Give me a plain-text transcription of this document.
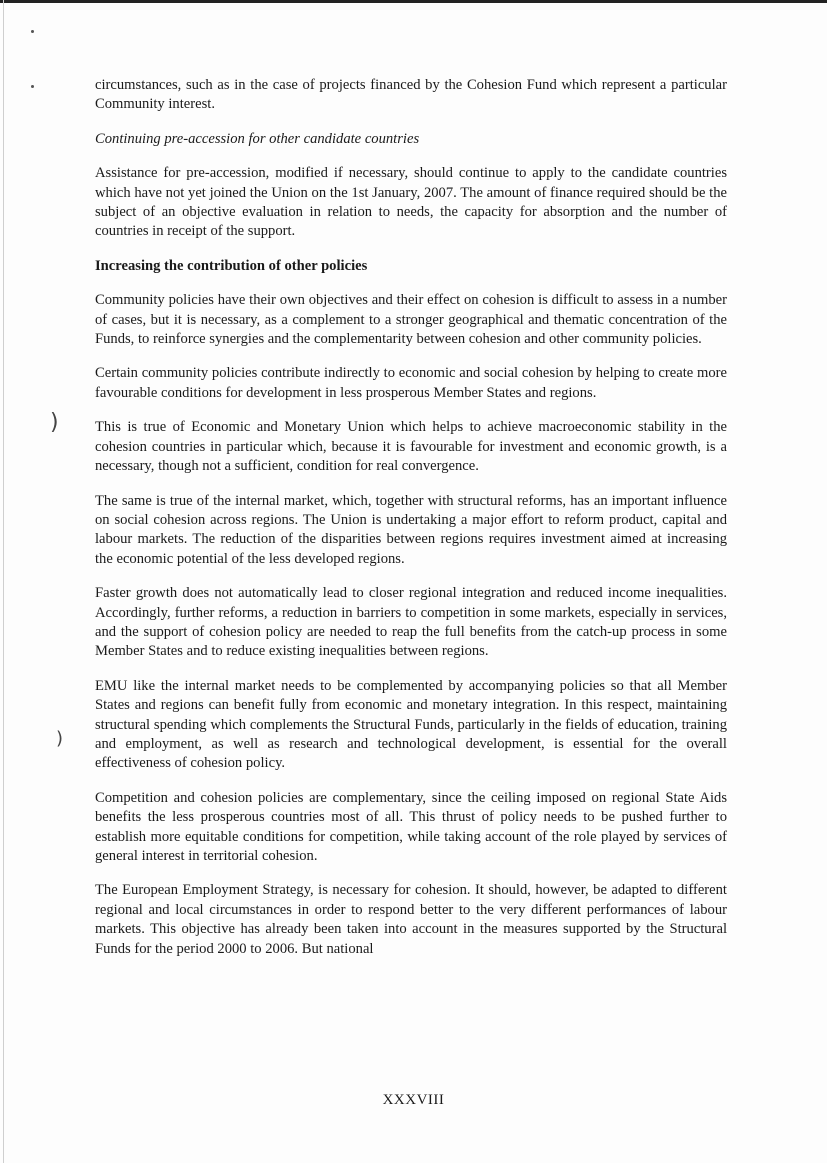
)
)

circumstances, such as in the case of projects financed by the Cohesion Fund which represent a particular Community interest.

Continuing pre-accession for other candidate countries

Assistance for pre-accession, modified if necessary, should continue to apply to the candidate countries which have not yet joined the Union on the 1st January, 2007. The amount of finance required should be the subject of an objective evaluation in relation to needs, the capacity for absorption and the number of countries in receipt of the support.

Increasing the contribution of other policies

Community policies have their own objectives and their effect on cohesion is difficult to assess in a number of cases, but it is necessary, as a complement to a stronger geographical and thematic concentration of the Funds, to reinforce synergies and the complementarity between cohesion and other community policies.

Certain community policies contribute indirectly to economic and social cohesion by helping to create more favourable conditions for development in less prosperous Member States and regions.

This is true of Economic and Monetary Union which helps to achieve macroeconomic stability in the cohesion countries in particular which, because it is favourable for investment and economic growth, is a necessary, though not a sufficient, condition for real convergence.

The same is true of the internal market, which, together with structural reforms, has an important influence on social cohesion across regions. The Union is undertaking a major effort to reform product, capital and labour markets. The reduction of the disparities between regions requires investment aimed at increasing the economic potential of the less developed regions.

Faster growth does not automatically lead to closer regional integration and reduced income inequalities. Accordingly, further reforms, a reduction in barriers to competition in some markets, especially in services, and the support of cohesion policy are needed to reap the full benefits from the catch-up process in some Member States and to reduce existing inequalities between regions.

EMU like the internal market needs to be complemented by accompanying policies so that all Member States and regions can benefit fully from economic and monetary integration. In this respect, maintaining structural spending which complements the Structural Funds, particularly in the fields of education, training and employment, as well as research and technological development, is essential for the overall effectiveness of cohesion policy.

Competition and cohesion policies are complementary, since the ceiling imposed on regional State Aids benefits the less prosperous countries most of all. This thrust of policy needs to be pushed further to establish more equitable conditions for competition, while taking account of the role played by services of general interest in territorial cohesion.

The European Employment Strategy, is necessary for cohesion. It should, however, be adapted to different regional and local circumstances in order to respond better to the very different performances of labour markets. This objective has already been taken into account in the measures supported by the Structural Funds for the period 2000 to 2006. But national

XXXVIII
